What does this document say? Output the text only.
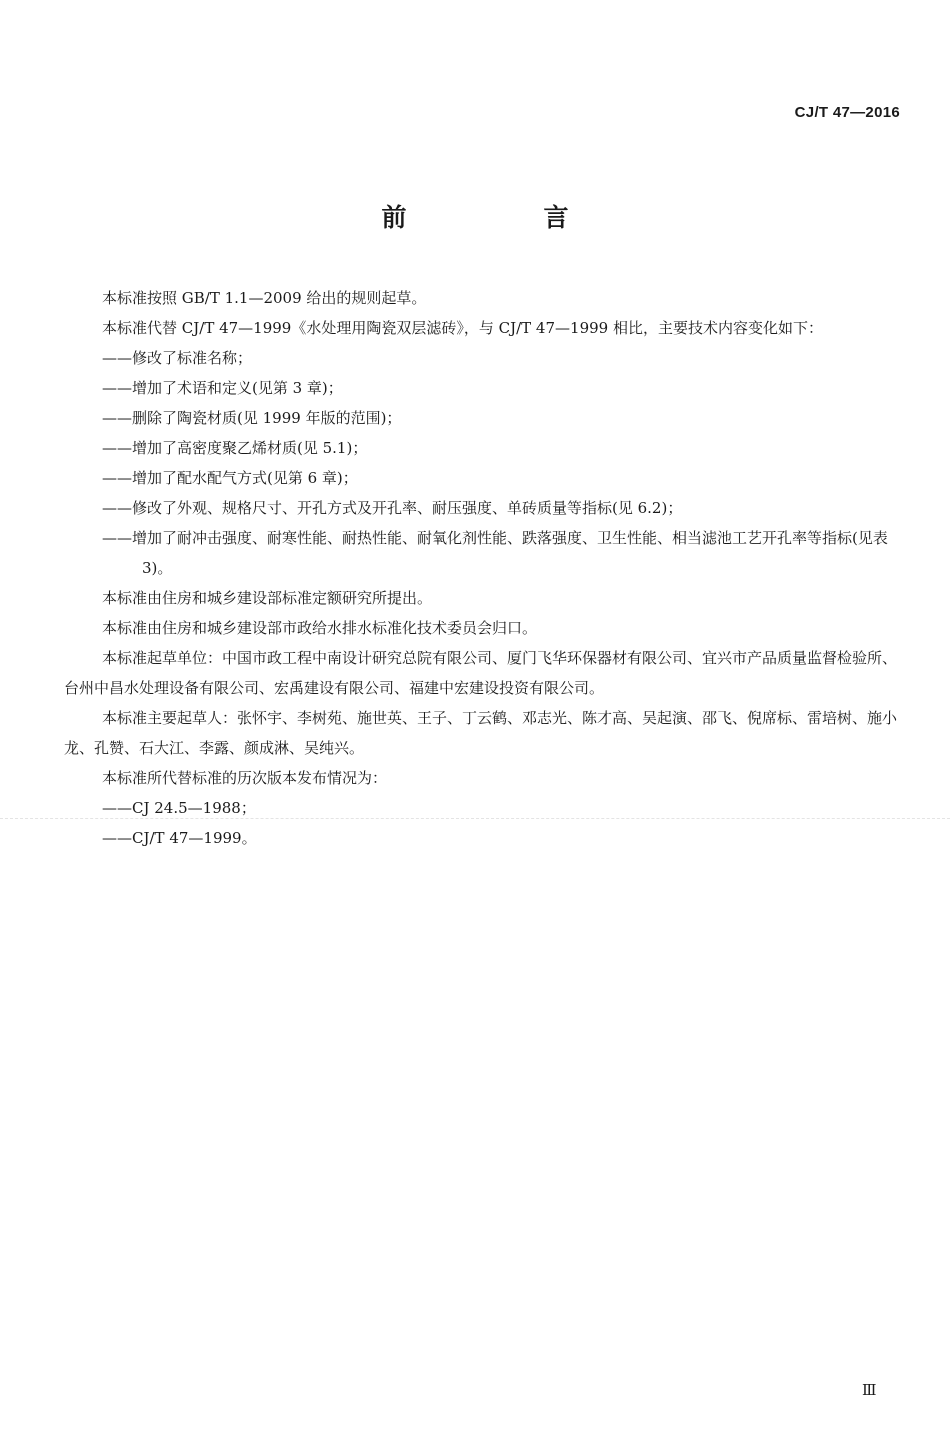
CJ/T 47—2016
前　言

本标准按照 GB/T 1.1—2009 给出的规则起草。

本标准代替 CJ/T 47—1999《水处理用陶瓷双层滤砖》，与 CJ/T 47—1999 相比，主要技术内容变化如下：

——修改了标准名称；

——增加了术语和定义(见第 3 章)；

——删除了陶瓷材质(见 1999 年版的范围)；

——增加了高密度聚乙烯材质(见 5.1)；

——增加了配水配气方式(见第 6 章)；

——修改了外观、规格尺寸、开孔方式及开孔率、耐压强度、单砖质量等指标(见 6.2)；

——增加了耐冲击强度、耐寒性能、耐热性能、耐氧化剂性能、跌落强度、卫生性能、相当滤池工艺开孔率等指标(见表 3)。

本标准由住房和城乡建设部标准定额研究所提出。

本标准由住房和城乡建设部市政给水排水标准化技术委员会归口。

本标准起草单位：中国市政工程中南设计研究总院有限公司、厦门飞华环保器材有限公司、宜兴市产品质量监督检验所、台州中昌水处理设备有限公司、宏禹建设有限公司、福建中宏建设投资有限公司。

本标准主要起草人：张怀宇、李树苑、施世英、王子、丁云鹤、邓志光、陈才高、吴起演、邵飞、倪席标、雷培树、施小龙、孔赞、石大江、李露、颜成淋、吴纯兴。

本标准所代替标准的历次版本发布情况为：

——CJ 24.5—1988；

——CJ/T 47—1999。

Ⅲ
